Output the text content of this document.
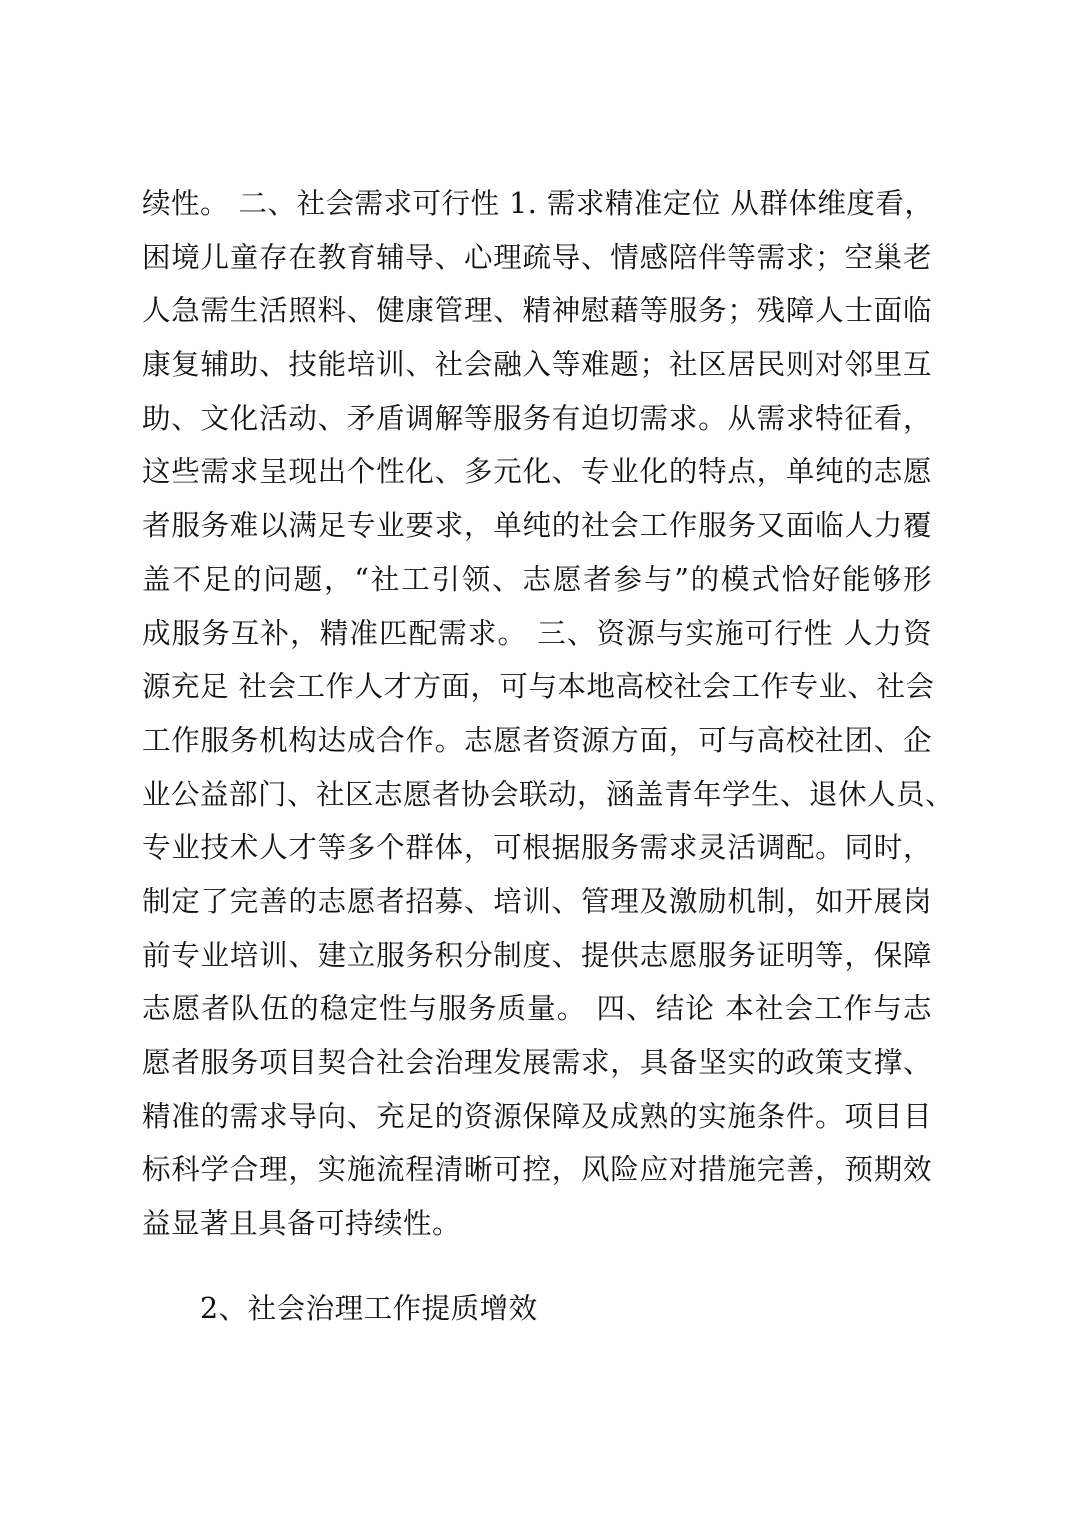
续性。 二、社会需求可行性 1. 需求精准定位 从群体维度看，
困境儿童存在教育辅导、心理疏导、情感陪伴等需求；空巢老
人急需生活照料、健康管理、精神慰藉等服务；残障人士面临
康复辅助、技能培训、社会融入等难题；社区居民则对邻里互
助、文化活动、矛盾调解等服务有迫切需求。从需求特征看，
这些需求呈现出个性化、多元化、专业化的特点，单纯的志愿
者服务难以满足专业要求，单纯的社会工作服务又面临人力覆
盖不足的问题，“社工引领、志愿者参与”的模式恰好能够形
成服务互补，精准匹配需求。 三、资源与实施可行性 人力资
源充足 社会工作人才方面，可与本地高校社会工作专业、社会
工作服务机构达成合作。志愿者资源方面，可与高校社团、企
业公益部门、社区志愿者协会联动，涵盖青年学生、退休人员、
专业技术人才等多个群体，可根据服务需求灵活调配。同时，
制定了完善的志愿者招募、培训、管理及激励机制，如开展岗
前专业培训、建立服务积分制度、提供志愿服务证明等，保障
志愿者队伍的稳定性与服务质量。 四、结论 本社会工作与志
愿者服务项目契合社会治理发展需求，具备坚实的政策支撑、
精准的需求导向、充足的资源保障及成熟的实施条件。项目目
标科学合理，实施流程清晰可控，风险应对措施完善，预期效
益显著且具备可持续性。
2、社会治理工作提质增效
